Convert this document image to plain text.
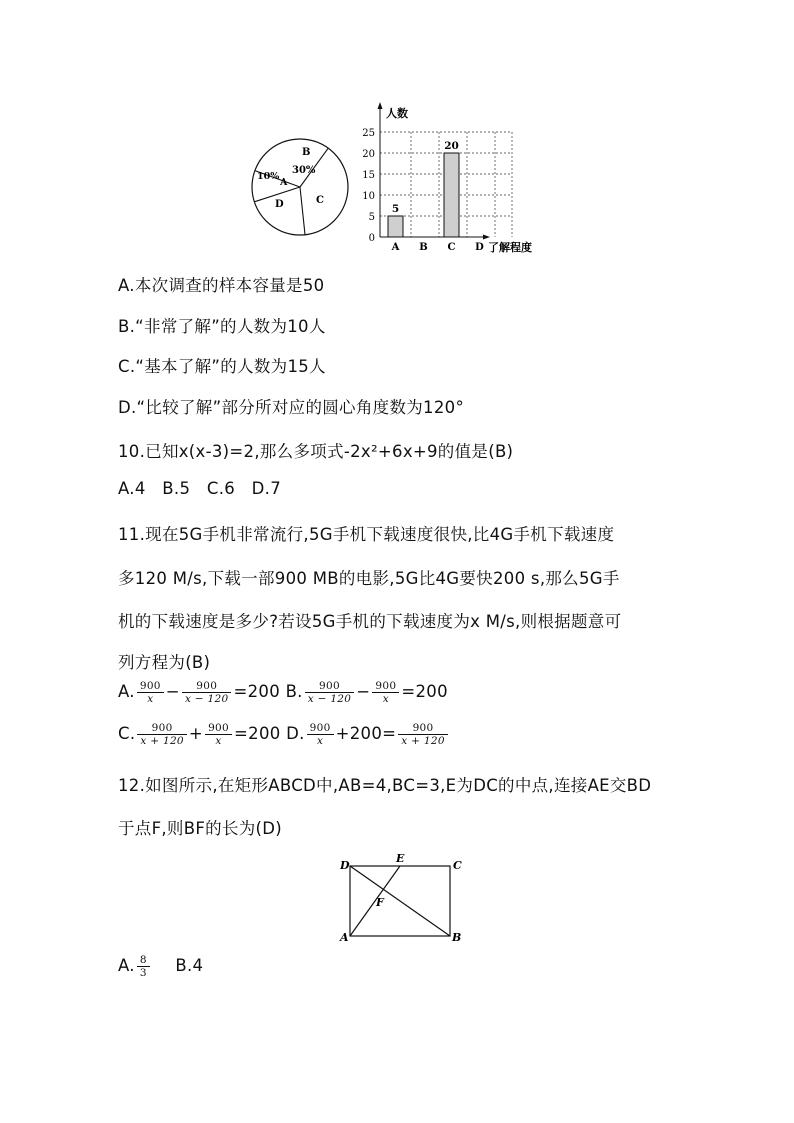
B
30%
10%
A
D	C
人数
了解程度
0
5
10
15
20
25
5
20
A B C D
A.本次调查的样本容量是50
B.“非常了解”的人数为10人
C.“基本了解”的人数为15人
D.“比较了解”部分所对应的圆心角度数为120°
10.已知x(x-3)=2,那么多项式-2x²+6x+9的值是(B)
A.4   B.5   C.6   D.7
11.现在5G手机非常流行,5G手机下载速度很快,比4G手机下载速度
多120 M/s,下载一部900 MB的电影,5G比4G要快200 s,那么5G手
机的下载速度是多少?若设5G手机的下载速度为x M/s,则根据题意可
列方程为(B)
A. $\frac{900}{x} - \frac{900}{x - 120} =200$ B. $\frac{900}{x - 120} - \frac{900}{x} =200$
C. $\frac{900}{x + 120} + \frac{900}{x} =200$ D. $\frac{900}{x} +200= \frac{900}{x + 120}$
12.如图所示,在矩形ABCD中,AB=4,BC=3,E为DC的中点,连接AE交BD
于点F,则BF的长为(D)
D
E
C
F
A	B
A. $\frac{8}{3} B.4$
